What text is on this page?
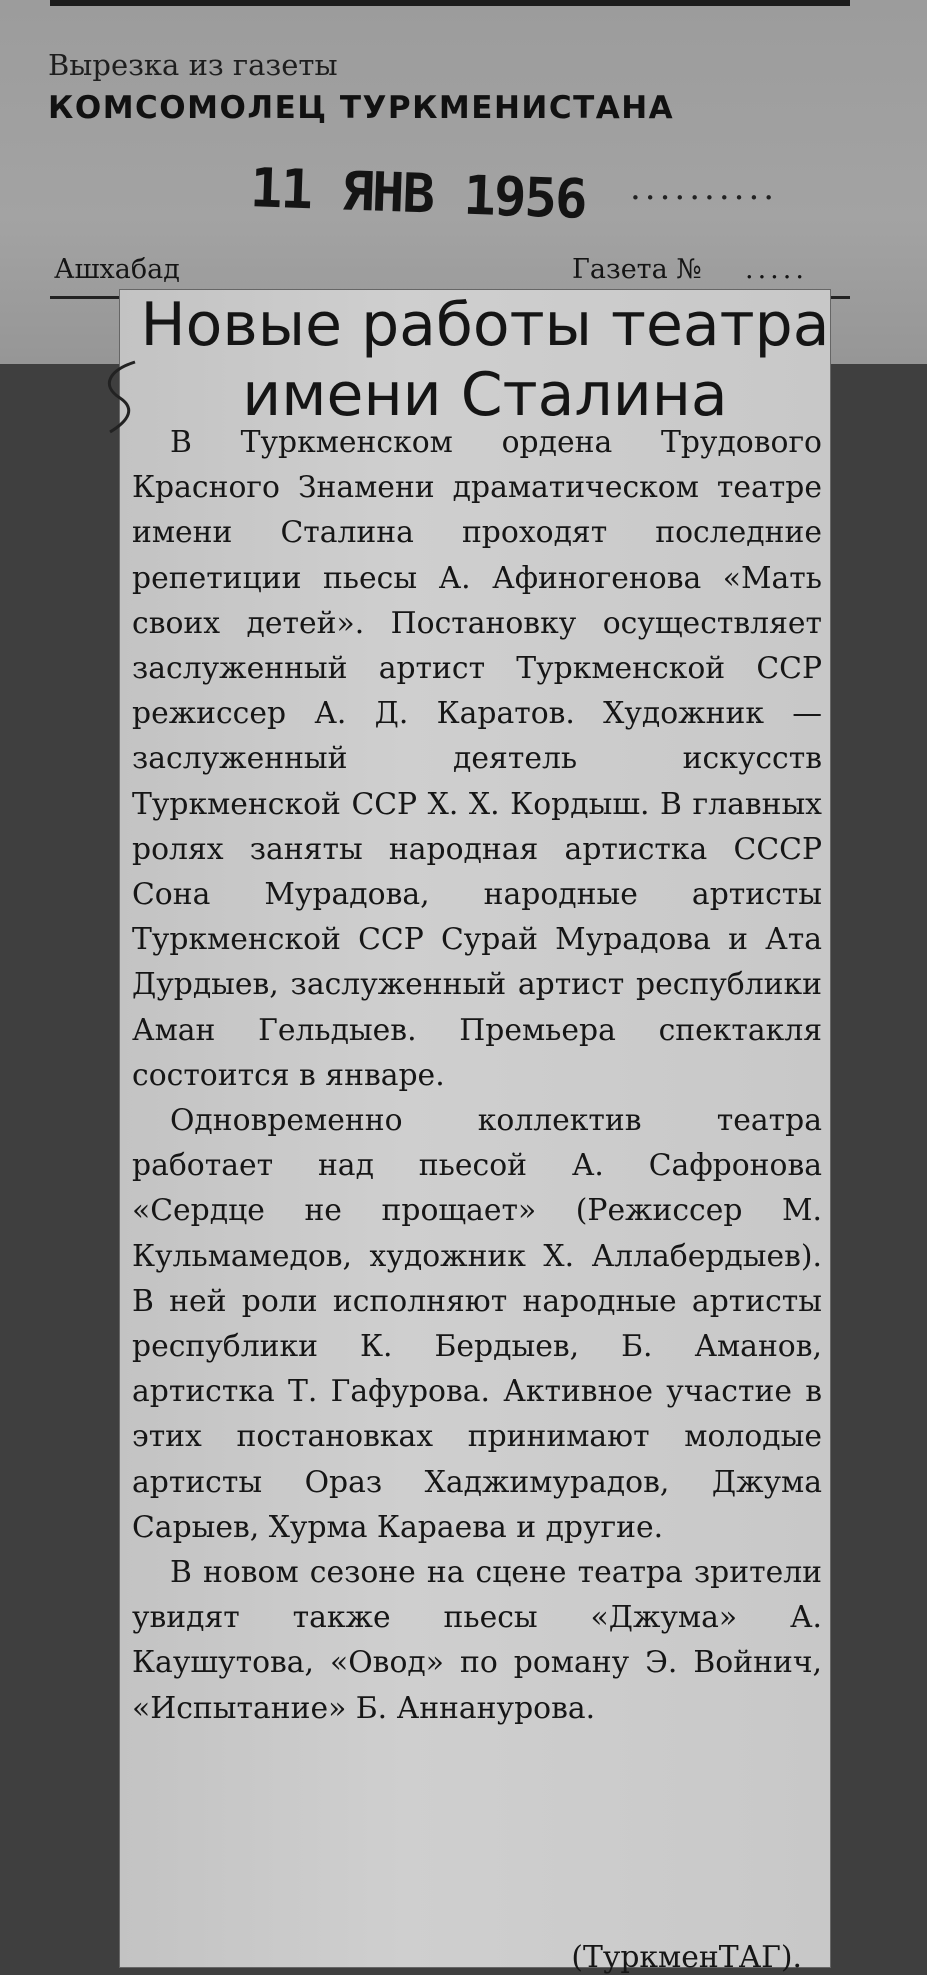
Вырезка из газеты
КОМСОМОЛЕЦ ТУРКМЕНИСТАНА
11 ЯНВ 1956 ..........
Ашхабад	Газета № .....
Новые работы театра
имени Сталина

В Туркменском ордена Трудового Красного Знамени драматическом театре имени Сталина проходят последние репетиции пьесы А. Афиногенова «Мать своих детей». Постановку осуществляет заслуженный артист Туркменской ССР режиссер А. Д. Каратов. Художник — заслуженный деятель искусств Туркменской ССР Х. Х. Кордыш. В главных ролях заняты народная артистка СССР Сона Мурадова, народные артисты Туркменской ССР Сурай Мурадова и Ата Дурдыев, заслуженный артист республики Аман Гельдыев. Премьера спектакля состоится в январе.

Одновременно коллектив театра работает над пьесой А. Сафронова «Сердце не прощает» (Режиссер М. Кульмамедов, художник Х. Аллабердыев). В ней роли исполняют народные артисты республики К. Бердыев, Б. Аманов, артистка Т. Гафурова. Активное участие в этих постановках принимают молодые артисты Ораз Хаджимурадов, Джума Сарыев, Хурма Караева и другие.

В новом сезоне на сцене театра зрители увидят также пьесы «Джума» А. Каушутова, «Овод» по роману Э. Войнич, «Испытание» Б. Аннанурова.

(ТуркменТАГ).
